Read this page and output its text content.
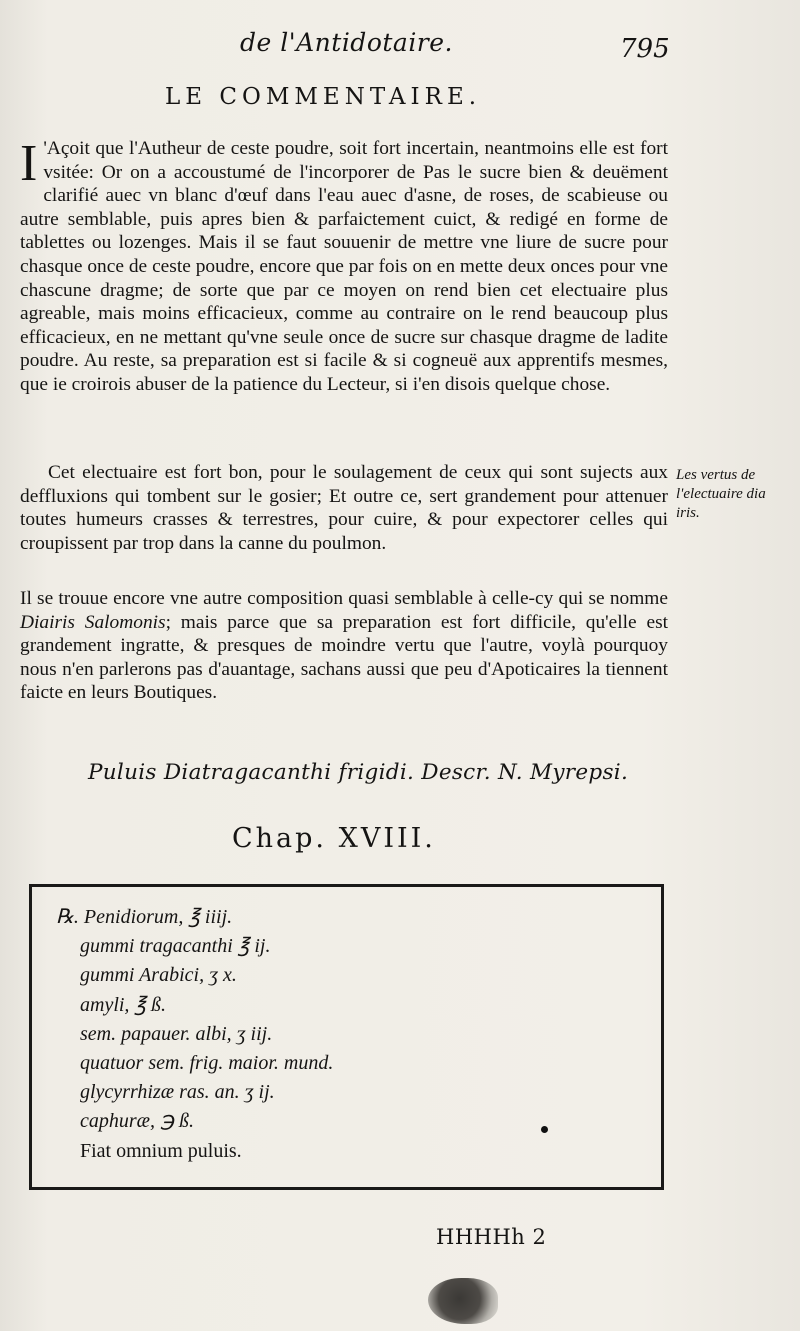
de l'Antidotaire.	795
LE COMMENTAIRE.
I 'Açoit que l'Autheur de ceste poudre, soit fort incertain, neantmoins elle est fort vsitée: Or on a accoustumé de l'incorporer de Pas le sucre bien & deuëment clarifié auec vn blanc d'œuf dans l'eau auec d'asne, de roses, de scabieuse ou autre semblable, puis apres bien & parfaictement cuict, & redigé en forme de tablettes ou lozenges. Mais il se faut souuenir de mettre vne liure de sucre pour chasque once de ceste poudre, encore que par fois on en mette deux onces pour vne chascune dragme; de sorte que par ce moyen on rend bien cet electuaire plus agreable, mais moins efficacieux, comme au contraire on le rend beaucoup plus efficacieux, en ne mettant qu'vne seule once de sucre sur chasque dragme de ladite poudre. Au reste, sa preparation est si facile & si cogneuë aux apprentifs mesmes, que ie croirois abuser de la patience du Lecteur, si i'en disois quelque chose.
Cet electuaire est fort bon, pour le soulagement de ceux qui sont sujects aux deffluxions qui tombent sur le gosier; Et outre ce, sert grandement pour attenuer toutes humeurs crasses & terrestres, pour cuire, & pour expectorer celles qui croupissent par trop dans la canne du poulmon.
Il se trouue encore vne autre composition quasi semblable à celle-cy qui se nomme Diairis Salomonis; mais parce que sa preparation est fort difficile, qu'elle est grandement ingratte, & presques de moindre vertu que l'autre, voylà pourquoy nous n'en parlerons pas d'auantage, sachans aussi que peu d'Apoticaires la tiennent faicte en leurs Boutiques.
Les vertus de l'electuaire dia iris.
Puluis Diatragacanthi frigidi. Descr. N. Myrepsi.
Chap. XVIII.
℞. Penidiorum, ℥ iiij.
gummi tragacanthi ℥ ij.
gummi Arabici, ʒ x.
amyli, ℥ ß.
sem. papauer. albi, ʒ iij.
quatuor sem. frig. maior. mund.
glycyrrhizæ ras. an. ʒ ij.
caphuræ, ℈ ß.
Fiat omnium puluis.
HHHHh 2
